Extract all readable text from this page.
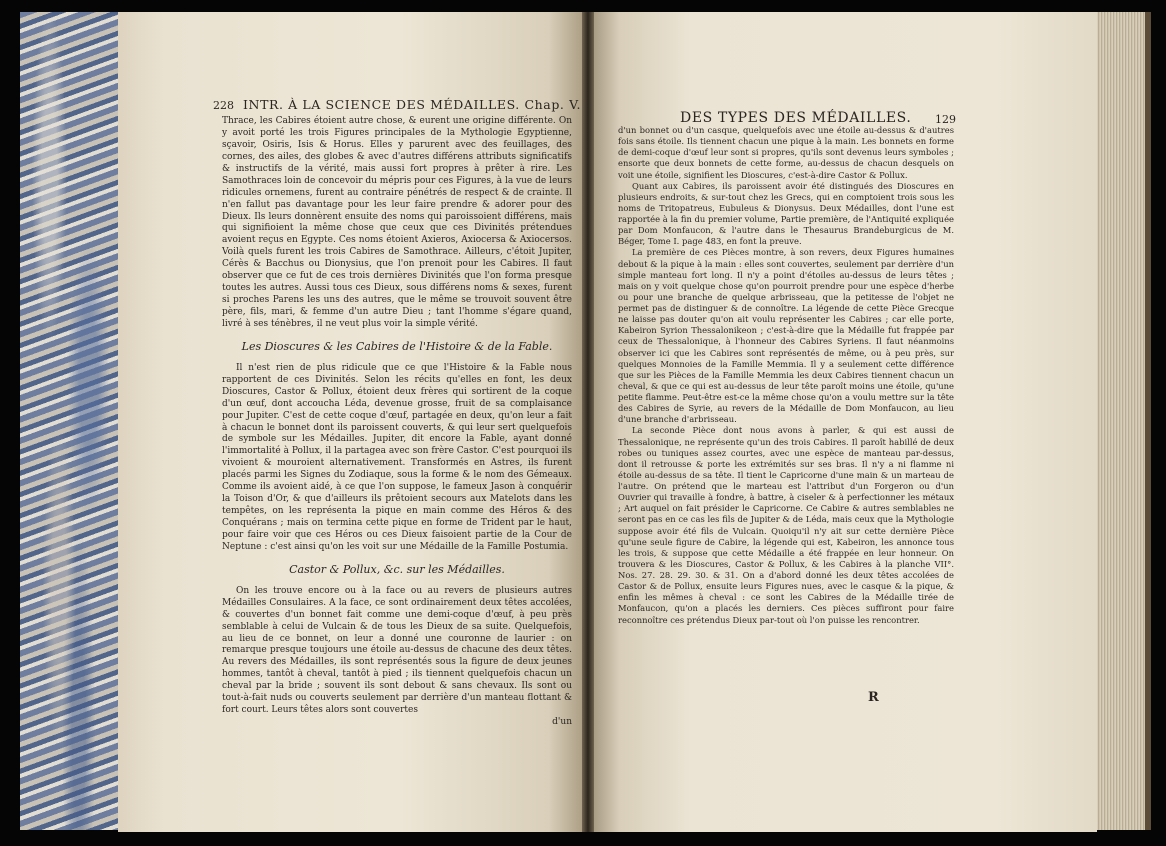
228 INTR. À LA SCIENCE DES MÉDAILLES. Chap. V.

Thrace, les Cabires étoient autre chose, & eurent une origine différente. On y avoit porté les trois Figures principales de la Mythologie Egyptienne, sçavoir, Osiris, Isis & Horus. Elles y parurent avec des feuillages, des cornes, des ailes, des globes & avec d'autres différens attributs significatifs & instructifs de la vérité, mais aussi fort propres à prêter à rire. Les Samothraces loin de concevoir du mépris pour ces Figures, à la vue de leurs ridicules ornemens, furent au contraire pénétrés de respect & de crainte. Il n'en fallut pas davantage pour les leur faire prendre & adorer pour des Dieux. Ils leurs donnèrent ensuite des noms qui paroissoient différens, mais qui signifioient la même chose que ceux que ces Divinités prétendues avoient reçus en Egypte. Ces noms étoient Axieros, Axiocersa & Axiocersos. Voilà quels furent les trois Cabires de Samothrace. Ailleurs, c'étoit Jupiter, Cérès & Bacchus ou Dionysius, que l'on prenoit pour les Cabires. Il faut observer que ce fut de ces trois dernières Divinités que l'on forma presque toutes les autres. Aussi tous ces Dieux, sous différens noms & sexes, furent si proches Parens les uns des autres, que le même se trouvoit souvent être père, fils, mari, & femme d'un autre Dieu ; tant l'homme s'égare quand, livré à ses ténèbres, il ne veut plus voir la simple vérité.

Les Dioscures & les Cabires de l'Histoire & de la Fable.

Il n'est rien de plus ridicule que ce que l'Histoire & la Fable nous rapportent de ces Divinités. Selon les récits qu'elles en font, les deux Dioscures, Castor & Pollux, étoient deux frères qui sortirent de la coque d'un œuf, dont accoucha Léda, devenue grosse, fruit de sa complaisance pour Jupiter. C'est de cette coque d'œuf, partagée en deux, qu'on leur a fait à chacun le bonnet dont ils paroissent couverts, & qui leur sert quelquefois de symbole sur les Médailles. Jupiter, dit encore la Fable, ayant donné l'immortalité à Pollux, il la partagea avec son frère Castor. C'est pourquoi ils vivoient & mouroient alternativement. Transformés en Astres, ils furent placés parmi les Signes du Zodiaque, sous la forme & le nom des Gémeaux. Comme ils avoient aidé, à ce que l'on suppose, le fameux Jason à conquérir la Toison d'Or, & que d'ailleurs ils prêtoient secours aux Matelots dans les tempêtes, on les représenta la pique en main comme des Héros & des Conquérans ; mais on termina cette pique en forme de Trident par le haut, pour faire voir que ces Héros ou ces Dieux faisoient partie de la Cour de Neptune : c'est ainsi qu'on les voit sur une Médaille de la Famille Postumia.

Castor & Pollux, &c. sur les Médailles.

On les trouve encore ou à la face ou au revers de plusieurs autres Médailles Consulaires. A la face, ce sont ordinairement deux têtes accolées, & couvertes d'un bonnet fait comme une demi-coque d'œuf, à peu près semblable à celui de Vulcain & de tous les Dieux de sa suite. Quelquefois, au lieu de ce bonnet, on leur a donné une couronne de laurier : on remarque presque toujours une étoile au-dessus de chacune des deux têtes. Au revers des Médailles, ils sont représentés sous la figure de deux jeunes hommes, tantôt à cheval, tantôt à pied ; ils tiennent quelquefois chacun un cheval par la bride ; souvent ils sont debout & sans chevaux. Ils sont ou tout-à-fait nuds ou couverts seulement par derrière d'un manteau flottant & fort court. Leurs têtes alors sont couvertes

d'un

DES TYPES DES MÉDAILLES. 129

d'un bonnet ou d'un casque, quelquefois avec une étoile au-dessus & d'autres fois sans étoile. Ils tiennent chacun une pique à la main. Les bonnets en forme de demi-coque d'œuf leur sont si propres, qu'ils sont devenus leurs symboles ; ensorte que deux bonnets de cette forme, au-dessus de chacun desquels on voit une étoile, signifient les Dioscures, c'est-à-dire Castor & Pollux.

Quant aux Cabires, ils paroissent avoir été distingués des Dioscures en plusieurs endroits, & sur-tout chez les Grecs, qui en comptoient trois sous les noms de Tritopatreus, Eubuleus & Dionysus. Deux Médailles, dont l'une est rapportée à la fin du premier volume, Partie première, de l'Antiquité expliquée par Dom Monfaucon, & l'autre dans le Thesaurus Brandeburgicus de M. Béger, Tome I. page 483, en font la preuve.

La première de ces Pièces montre, à son revers, deux Figures humaines debout & la pique à la main : elles sont couvertes, seulement par derrière d'un simple manteau fort long. Il n'y a point d'étoiles au-dessus de leurs têtes ; mais on y voit quelque chose qu'on pourroit prendre pour une espèce d'herbe ou pour une branche de quelque arbrisseau, que la petitesse de l'objet ne permet pas de distinguer & de connoître. La légende de cette Pièce Grecque ne laisse pas douter qu'on ait voulu représenter les Cabires ; car elle porte, Kabeiron Syrion Thessalonikeon ; c'est-à-dire que la Médaille fut frappée par ceux de Thessalonique, à l'honneur des Cabires Syriens. Il faut néanmoins observer ici que les Cabires sont représentés de même, ou à peu près, sur quelques Monnoies de la Famille Memmia. Il y a seulement cette différence que sur les Pièces de la Famille Memmia les deux Cabires tiennent chacun un cheval, & que ce qui est au-dessus de leur tête paroît moins une étoile, qu'une petite flamme. Peut-être est-ce la même chose qu'on a voulu mettre sur la tête des Cabires de Syrie, au revers de la Médaille de Dom Monfaucon, au lieu d'une branche d'arbrisseau.

La seconde Pièce dont nous avons à parler, & qui est aussi de Thessalonique, ne représente qu'un des trois Cabires. Il paroît habillé de deux robes ou tuniques assez courtes, avec une espèce de manteau par-dessus, dont il retrousse & porte les extrémités sur ses bras. Il n'y a ni flamme ni étoile au-dessus de sa tête. Il tient le Capricorne d'une main & un marteau de l'autre. On prétend que le marteau est l'attribut d'un Forgeron ou d'un Ouvrier qui travaille à fondre, à battre, à ciseler & à perfectionner les métaux ; Art auquel on fait présider le Capricorne. Ce Cabire & autres semblables ne seront pas en ce cas les fils de Jupiter & de Léda, mais ceux que la Mythologie suppose avoir été fils de Vulcain. Quoiqu'il n'y ait sur cette dernière Pièce qu'une seule figure de Cabire, la légende qui est, Kabeiron, les annonce tous les trois, & suppose que cette Médaille a été frappée en leur honneur. On trouvera & les Dioscures, Castor & Pollux, & les Cabires à la planche VII°. Nos. 27. 28. 29. 30. & 31. On a d'abord donné les deux têtes accolées de Castor & de Pollux, ensuite leurs Figures nues, avec le casque & la pique, & enfin les mêmes à cheval : ce sont les Cabires de la Médaille tirée de Monfaucon, qu'on a placés les derniers. Ces pièces suffiront pour faire reconnoître ces prétendus Dieux par-tout où l'on puisse les rencontrer.

R
